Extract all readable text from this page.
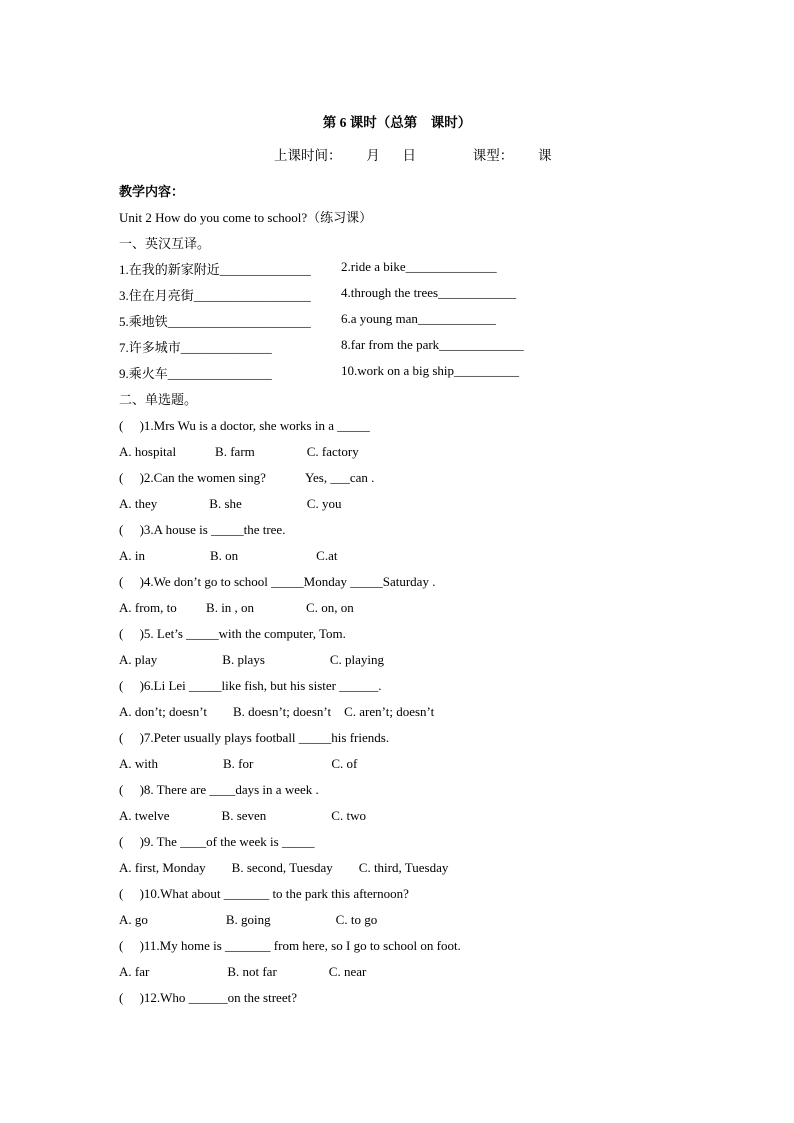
第 6 课时（总第　课时）
上课时间： 月 日	课型： 课
教学内容：
Unit 2 How do you come to school?（练习课）
一、英汉互译。
1.在我的新家附近______________ 2.ride a bike______________
3.住在月亮街__________________ 4.through the trees____________
5.乘地铁______________________ 6.a young man____________
7.许多城市______________	8.far from the park_____________
9.乘火车________________	10.work on a big ship__________
二、单选题。
(　 )1.Mrs Wu is a doctor, she works in a _____
A. hospital　　　B. farm　　　　C. factory
(　 )2.Can the women sing?　　　Yes, ___can .
A. they　　　　B. she　　　　　C. you
(　 )3.A house is _____the tree.
A. in　　　　　B. on　　　　　　C.at
(　 )4.We don’t go to school _____Monday _____Saturday .
A. from, to　　 B. in , on　　　　C. on, on
(　 )5. Let’s _____with the computer, Tom.
A. play　　　　　B. plays　　　　　C. playing
(　 )6.Li Lei _____like fish, but his sister ______.
A. don’t; doesn’t　　B. doesn’t; doesn’t　C. aren’t; doesn’t
(　 )7.Peter usually plays football _____his friends.
A. with　　　　　B. for　　　　　　C. of
(　 )8. There are ____days in a week .
A. twelve　　　　B. seven　　　　　C. two
(　 )9. The ____of the week is _____
A. first, Monday　　B. second, Tuesday　　C. third, Tuesday
(　 )10.What about _______ to the park this afternoon?
A. go　　　　　　B. going　　　　　C. to go
(　 )11.My home is _______ from here, so I go to school on foot.
A. far　　　　　　B. not far　　　　C. near
(　 )12.Who ______on the street?
